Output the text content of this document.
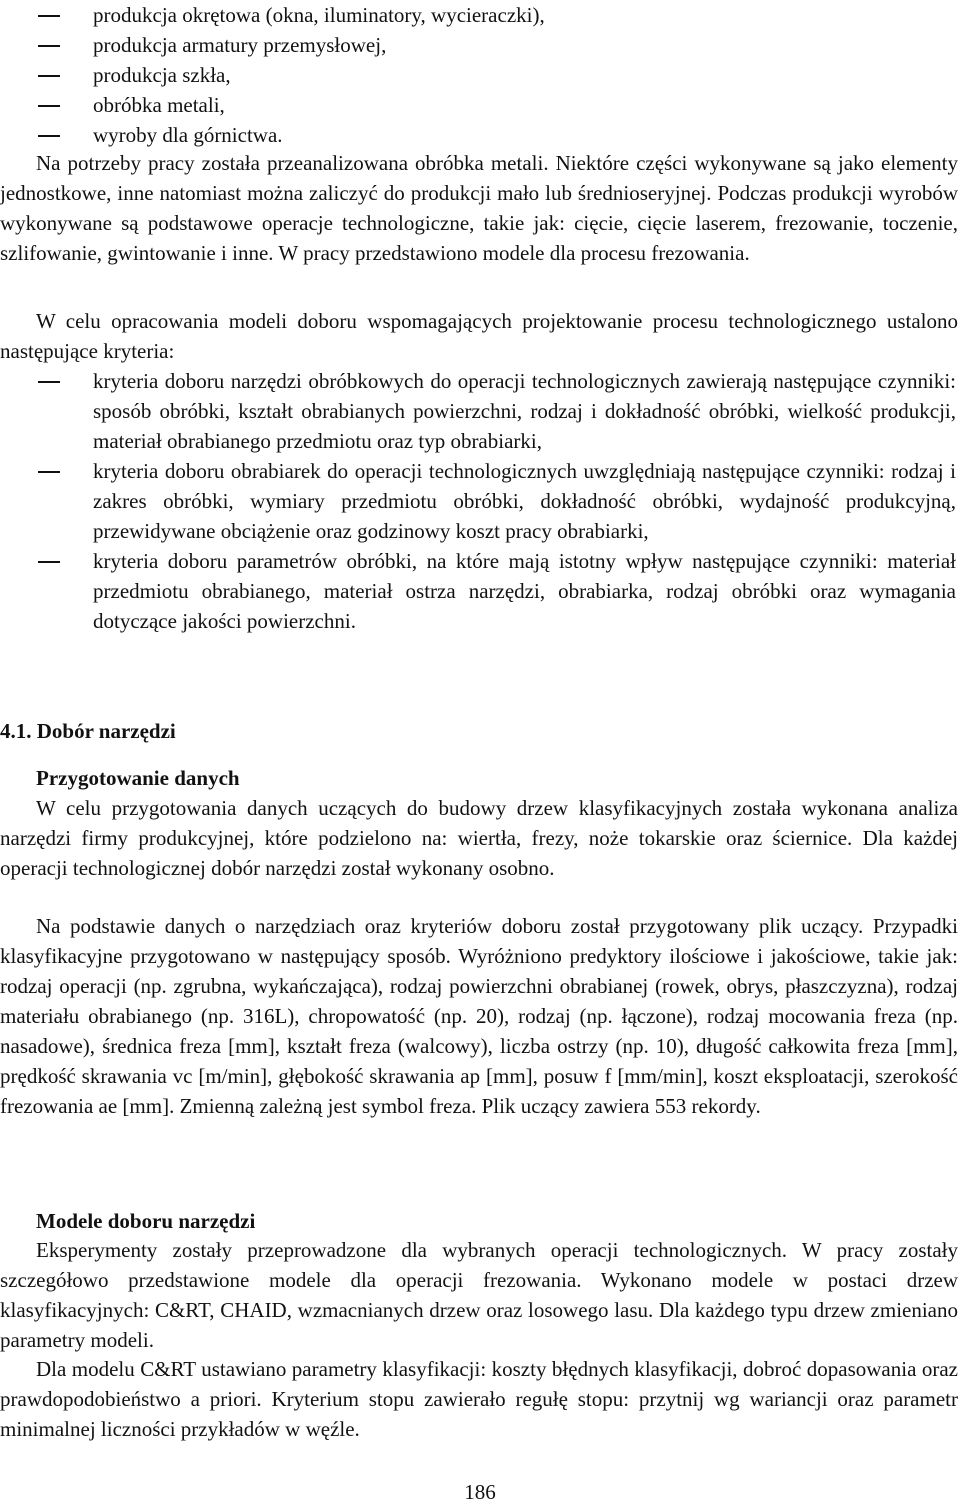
produkcja okrętowa (okna, iluminatory, wycieraczki),
produkcja armatury przemysłowej,
produkcja szkła,
obróbka metali,
wyroby dla górnictwa.

Na potrzeby pracy została przeanalizowana obróbka metali. Niektóre części wykonywane są jako elementy jednostkowe, inne natomiast można zaliczyć do produkcji mało lub średnioseryjnej. Podczas produkcji wyrobów wykonywane są podstawowe operacje technologiczne, takie jak: cięcie, cięcie laserem, frezowanie, toczenie, szlifowanie, gwintowanie i inne. W pracy przedstawiono modele dla procesu frezowania.

W celu opracowania modeli doboru wspomagających projektowanie procesu technologicznego ustalono następujące kryteria:

kryteria doboru narzędzi obróbkowych do operacji technologicznych zawierają następujące czynniki: sposób obróbki, kształt obrabianych powierzchni, rodzaj i dokładność obróbki, wielkość produkcji, materiał obrabianego przedmiotu oraz typ obrabiarki,
kryteria doboru obrabiarek do operacji technologicznych uwzględniają następujące czynniki: rodzaj i zakres obróbki, wymiary przedmiotu obróbki, dokładność obróbki, wydajność produkcyjną, przewidywane obciążenie oraz godzinowy koszt pracy obrabiarki,
kryteria doboru parametrów obróbki, na które mają istotny wpływ następujące czynniki: materiał przedmiotu obrabianego, materiał ostrza narzędzi, obrabiarka, rodzaj obróbki oraz wymagania dotyczące jakości powierzchni.
4.1. Dobór narzędzi
Przygotowanie danych

W celu przygotowania danych uczących do budowy drzew klasyfikacyjnych została wykonana analiza narzędzi firmy produkcyjnej, które podzielono na: wiertła, frezy, noże tokarskie oraz ściernice. Dla każdej operacji technologicznej dobór narzędzi został wykonany osobno.

Na podstawie danych o narzędziach oraz kryteriów doboru został przygotowany plik uczący. Przypadki klasyfikacyjne przygotowano w następujący sposób. Wyróżniono predyktory ilościowe i jakościowe, takie jak: rodzaj operacji (np. zgrubna, wykańczająca), rodzaj powierzchni obrabianej (rowek, obrys, płaszczyzna), rodzaj materiału obrabianego (np. 316L), chropowatość (np. 20), rodzaj (np. łączone), rodzaj mocowania freza (np. nasadowe), średnica freza [mm], kształt freza (walcowy), liczba ostrzy (np. 10), długość całkowita freza [mm], prędkość skrawania vc [m/min], głębokość skrawania ap [mm], posuw f [mm/min], koszt eksploatacji, szerokość frezowania ae [mm]. Zmienną zależną jest symbol freza. Plik uczący zawiera 553 rekordy.

Modele doboru narzędzi

Eksperymenty zostały przeprowadzone dla wybranych operacji technologicznych. W pracy zostały szczegółowo przedstawione modele dla operacji frezowania. Wykonano modele w postaci drzew klasyfikacyjnych: C&RT, CHAID, wzmacnianych drzew oraz losowego lasu. Dla każdego typu drzew zmieniano parametry modeli.

Dla modelu C&RT ustawiano parametry klasyfikacji: koszty błędnych klasyfikacji, dobroć dopasowania oraz prawdopodobieństwo a priori. Kryterium stopu zawierało regułę stopu: przytnij wg wariancji oraz parametr minimalnej liczności przykładów w węźle.

186
